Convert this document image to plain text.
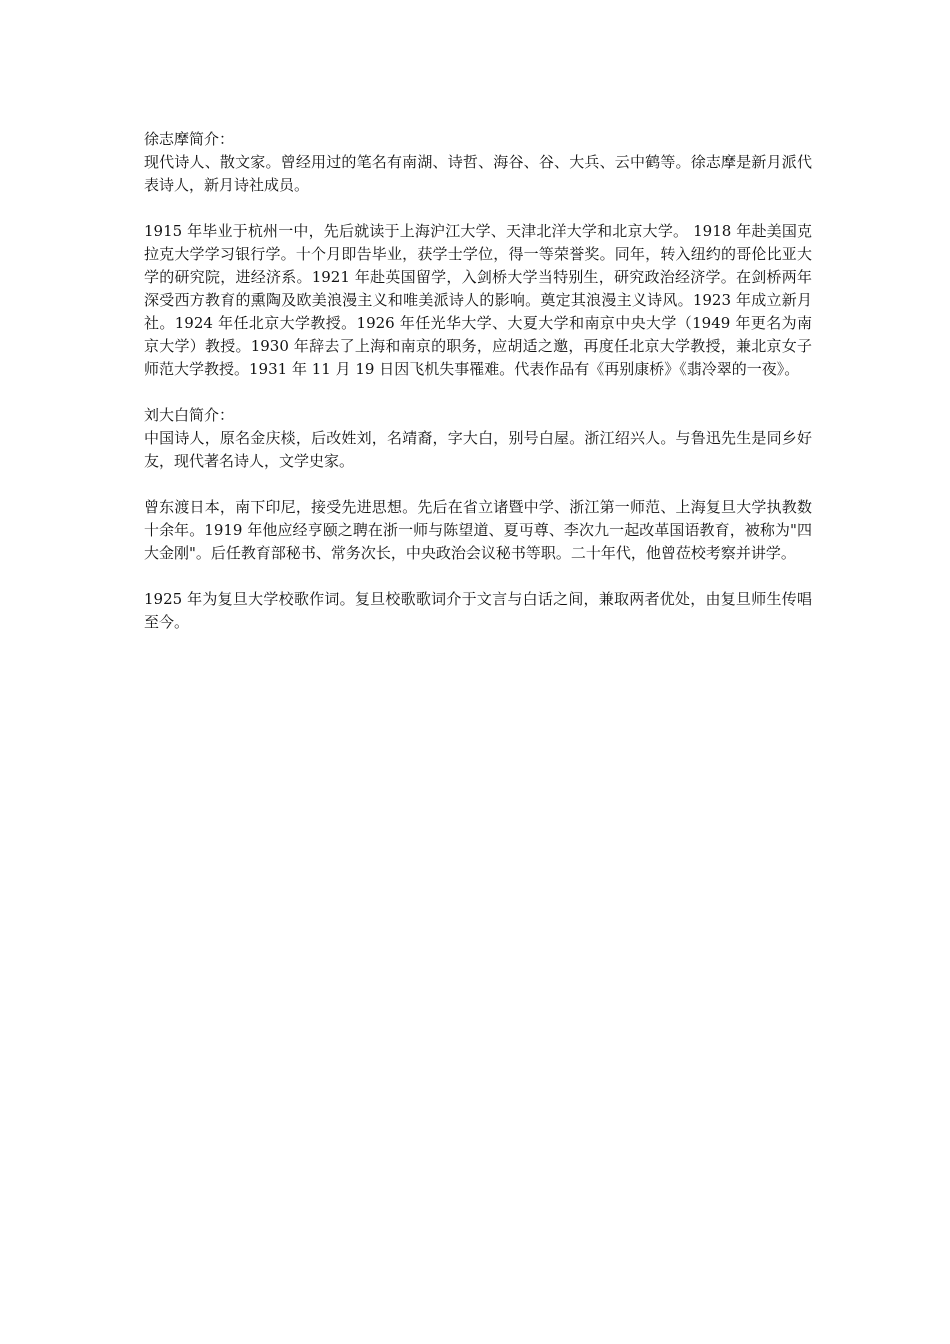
徐志摩简介：

现代诗人、散文家。曾经用过的笔名有南湖、诗哲、海谷、谷、大兵、云中鹤等。徐志摩是新月派代表诗人，新月诗社成员。

1915 年毕业于杭州一中，先后就读于上海沪江大学、天津北洋大学和北京大学。 1918 年赴美国克拉克大学学习银行学。十个月即告毕业，获学士学位，得一等荣誉奖。同年，转入纽约的哥伦比亚大学的研究院，进经济系。1921 年赴英国留学，入剑桥大学当特别生，研究政治经济学。在剑桥两年深受西方教育的熏陶及欧美浪漫主义和唯美派诗人的影响。奠定其浪漫主义诗风。1923 年成立新月社。1924 年任北京大学教授。1926 年任光华大学、大夏大学和南京中央大学（1949 年更名为南京大学）教授。1930 年辞去了上海和南京的职务，应胡适之邀，再度任北京大学教授，兼北京女子师范大学教授。1931 年 11 月 19 日因飞机失事罹难。代表作品有《再别康桥》《翡冷翠的一夜》。

刘大白简介：

中国诗人，原名金庆棪，后改姓刘，名靖裔，字大白，别号白屋。浙江绍兴人。与鲁迅先生是同乡好友，现代著名诗人，文学史家。

曾东渡日本，南下印尼，接受先进思想。先后在省立诸暨中学、浙江第一师范、上海复旦大学执教数十余年。1919 年他应经亨颐之聘在浙一师与陈望道、夏丏尊、李次九一起改革国语教育，被称为"四大金刚"。后任教育部秘书、常务次长，中央政治会议秘书等职。二十年代，他曾莅校考察并讲学。

1925 年为复旦大学校歌作词。复旦校歌歌词介于文言与白话之间，兼取两者优处，由复旦师生传唱至今。
